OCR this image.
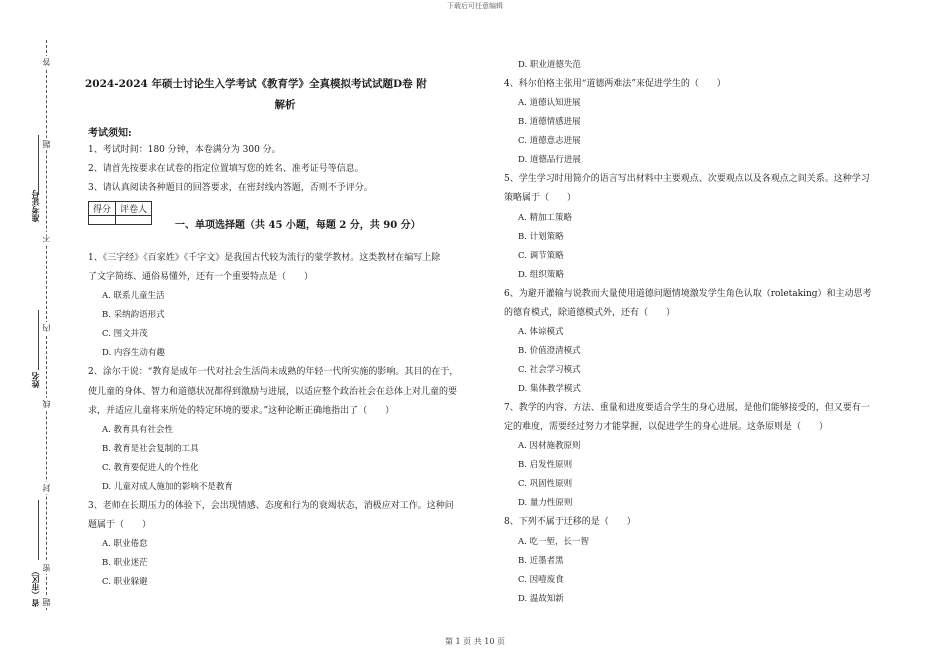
下载后可任意编辑
答
题
不
内
线
封
密
题
准考证号
姓名
省（市区）
2024-2024 年硕士讨论生入学考试《教育学》全真模拟考试试题D卷 附
解析
考试须知:
1、考试时间：180 分钟，本卷满分为 300 分。
2、请首先按要求在试卷的指定位置填写您的姓名、准考证号等信息。
3、请认真阅读各种题目的回答要求，在密封线内答题，否则不予评分。
得分	评卷人

一、单项选择题（共 45 小题，每题 2 分，共 90 分）
1、《三字经》《百家姓》《千字文》是我国古代较为流行的蒙学教材。这类教材在编写上除
了文字简练、通俗易懂外，还有一个重要特点是（　　）
A. 联系儿童生活
B. 采纳韵语形式
C. 图文并茂
D. 内容生动有趣
2、涂尔干说：“教育是成年一代对社会生活尚未成熟的年轻一代所实施的影响。其目的在于，
使儿童的身体、智力和道德状况都得到激励与进展，以适应整个政治社会在总体上对儿童的要
求，并适应儿童将来所处的特定环境的要求。”这种论断正确地指出了（　　）
A. 教育具有社会性
B. 教育是社会复制的工具
C. 教育要促进人的个性化
D. 儿童对成人施加的影响不是教育
3、老师在长期压力的体验下，会出现情感、态度和行为的衰竭状态，消极应对工作。这种问
题属于（　　）
A. 职业倦怠
B. 职业迷茫
C. 职业躲避
D. 职业道德失范
4、科尔伯格主张用“道德两难法”来促进学生的（　　）
A. 道德认知进展
B. 道德情感进展
C. 道德意志进展
D. 道德品行进展
5、学生学习时用简介的语言写出材料中主要观点、次要观点以及各观点之间关系。这种学习
策略属于（　　）
A. 精加工策略
B. 计划策略
C. 调节策略
D. 组织策略
6、为避开灌输与说教而大量使用道德问题情境激发学生角色认取（roletaking）和主动思考
的德育模式，除道德模式外，还有（　　）
A. 体谅模式
B. 价值澄清模式
C. 社会学习模式
D. 集体教学模式
7、教学的内容、方法、重量和进度要适合学生的身心进展，是他们能够接受的，但又要有一
定的难度，需要经过努力才能掌握，以促进学生的身心进展。这条原则是（　　）
A. 因材施教原则
B. 启发性原则
C. 巩固性原则
D. 量力性原则
8、下列不属于迁移的是（　　）
A. 吃一堑，长一智
B. 近墨者黑
C. 因噎废食
D. 温故知新
第 1 页 共 10 页
